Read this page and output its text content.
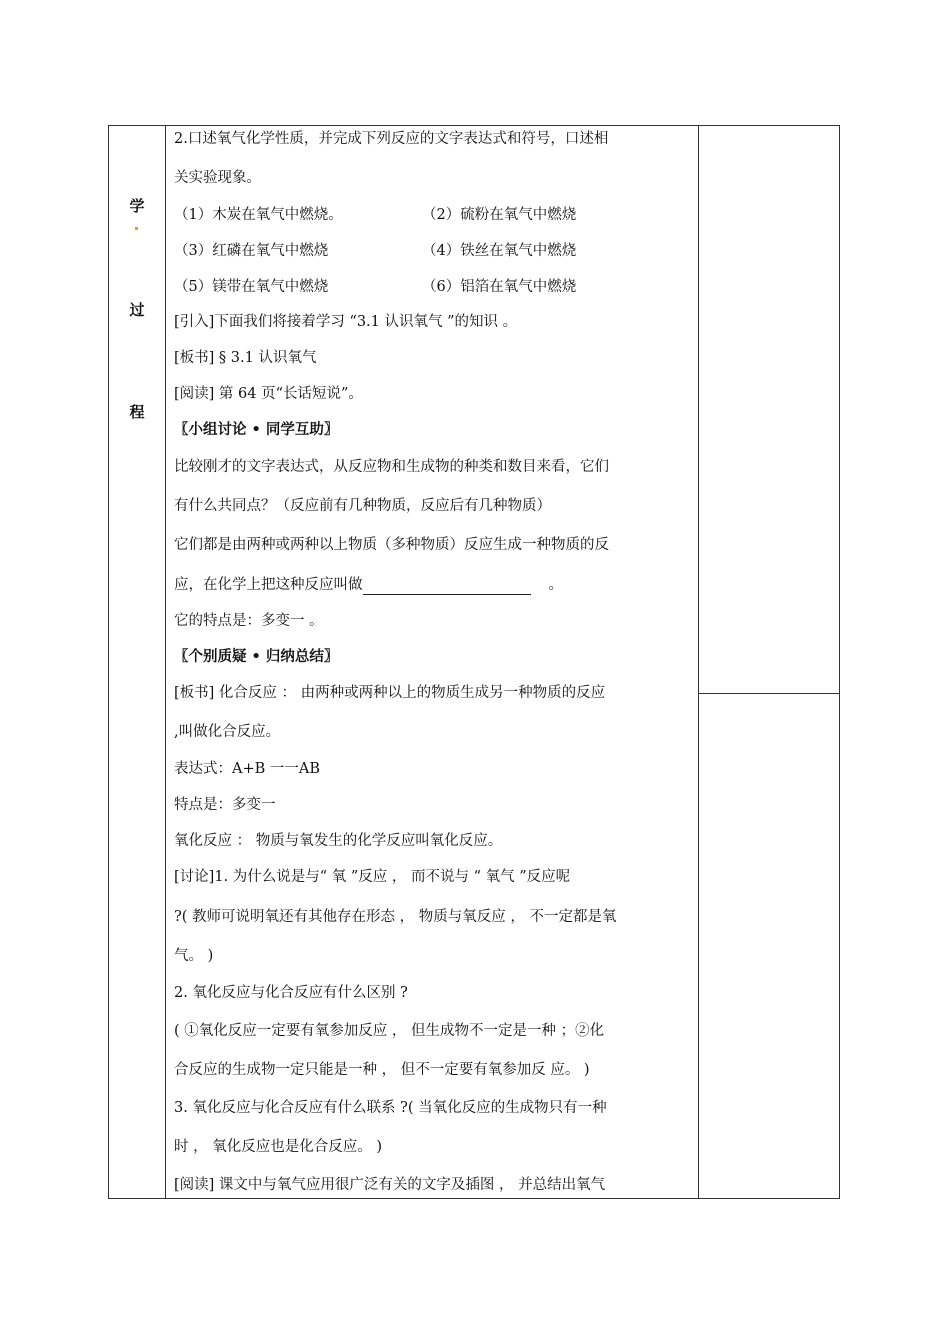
学
过
程
2.口述氧气化学性质，并完成下列反应的文字表达式和符号，口述相
关实验现象。
（1）木炭在氧气中燃烧。	（2）硫粉在氧气中燃烧
（3）红磷在氧气中燃烧	（4）铁丝在氧气中燃烧
（5）镁带在氧气中燃烧	（6）铝箔在氧气中燃烧
[引入]下面我们将接着学习 “3.1 认识氧气 ”的知识 。
[板书] § 3.1 认识氧气
[阅读] 第 64 页“长话短说”。
〖小组讨论 • 同学互助〗
比较刚才的文字表达式，从反应物和生成物的种类和数目来看，它们
有什么共同点？（反应前有几种物质，反应后有几种物质）
它们都是由两种或两种以上物质（多种物质）反应生成一种物质的反
应，在化学上把这种反应叫做	。
它的特点是：多变一 。
〖个别质疑 • 归纳总结〗
[板书] 化合反应 ： 由两种或两种以上的物质生成另一种物质的反应
,叫做化合反应。
表达式：A+B 一一AB
特点是：多变一
氧化反应 ： 物质与氧发生的化学反应叫氧化反应。
[讨论]1. 为什么说是与“ 氧 ”反应 ， 而不说与 “ 氧气 ”反应呢
?( 教师可说明氧还有其他存在形态 ， 物质与氧反应 ， 不一定都是氧
气。 )
2. 氧化反应与化合反应有什么区别 ?
( ①氧化反应一定要有氧参加反应 ， 但生成物不一定是一种 ；②化
合反应的生成物一定只能是一种 ， 但不一定要有氧参加反 应。 )
3. 氧化反应与化合反应有什么联系 ?( 当氧化反应的生成物只有一种
时 ， 氧化反应也是化合反应。 )
[阅读] 课文中与氧气应用很广泛有关的文字及插图 ， 并总结出氧气
